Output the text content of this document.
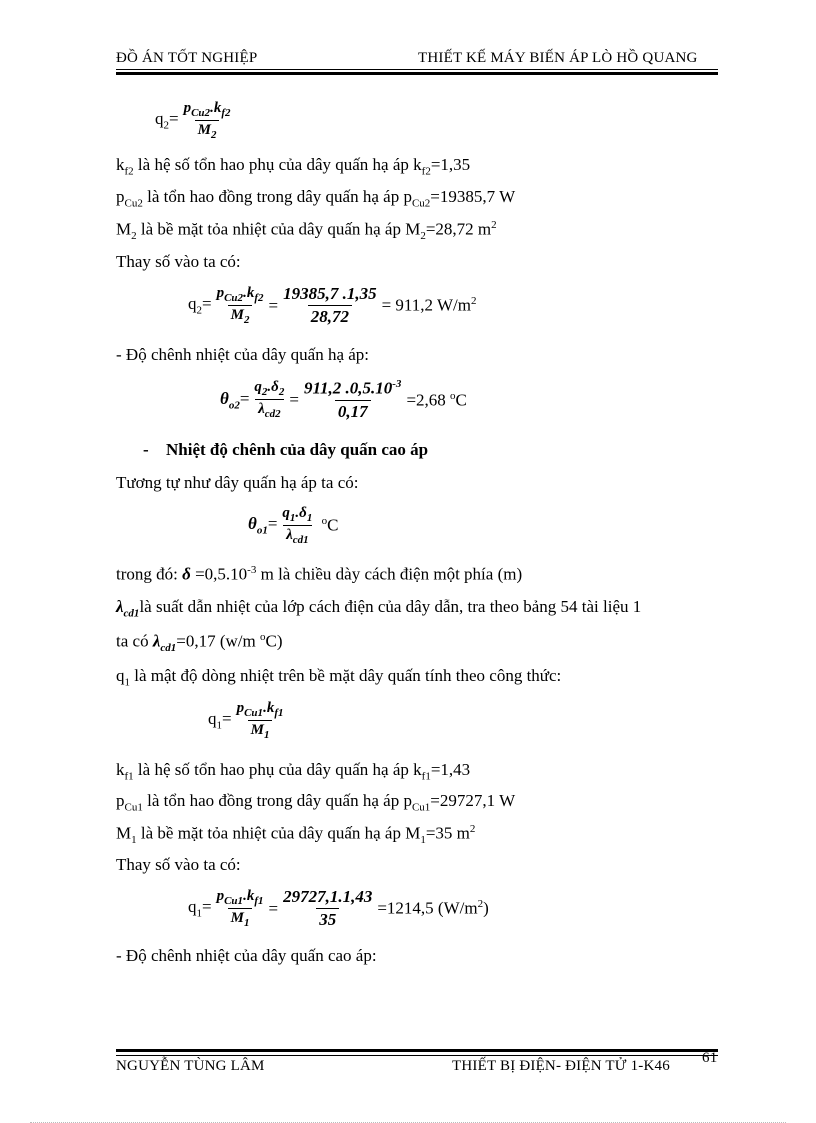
ĐỒ ÁN TỐT NGHIỆP	THIẾT KẾ MÁY BIẾN ÁP LÒ HỒ QUANG
$q_2= \frac{p_{Cu2}.k_{f2}}{M_2}$
$k_{f2}$ là hệ số tổn hao phụ của dây quấn hạ áp $k_{f2}=1,35$
$p_{Cu2}$ là tổn hao đồng trong dây quấn hạ áp $p_{Cu2}=19385,7$ W
$M_2$ là bề mặt tỏa nhiệt của dây quấn hạ áp $M_2=28,72$ $m^2$
Thay số vào ta có:
$q_2= \frac{p_{Cu2}.k_{f2}}{M_2} = \frac{19385,7 .1,35}{28,72} = 911,2$ $W/m^2$
- Độ chênh nhiệt của dây quấn hạ áp:
$\theta_{o2}= \frac{q_2.\delta_2}{\lambda_{cd2}} = \frac{911,2 .0,5.10^{-3}}{0,17} =2,68$ $^o$C
- Nhiệt độ chênh của dây quấn cao áp
Tương tự như dây quấn hạ áp ta có:
$\theta_{o1}= \frac{q_1.\delta_1}{\lambda_{cd1}} ^oC$
trong đó: $\delta =0,5.10^{-3}$ m là chiều dày cách điện một phía (m)
$\lambda_{cd1}là$ suất dẫn nhiệt của lớp cách điện của dây dẫn, tra theo bảng 54 tài liệu 1
ta có $\lambda_{cd1}=0,17$ (w/m $^o$C)
$q_1$ là mật độ dòng nhiệt trên bề mặt dây quấn tính theo công thức:
$q_1= \frac{p_{Cu1}.k_{f1}}{M_1}$
$k_{f1}$ là hệ số tổn hao phụ của dây quấn hạ áp $k_{f1}=1,43$
$p_{Cu1}$ là tổn hao đồng trong dây quấn hạ áp $p_{Cu1}=29727,1$ W
$M_1$ là bề mặt tỏa nhiệt của dây quấn hạ áp $M_1=35$ $m^2$
Thay số vào ta có:
$q_1= \frac{p_{Cu1}.k_{f1}}{M_1} = \frac{29727,1.1,43}{35} =1214,5$ $(W/m^2)$
- Độ chênh nhiệt của dây quấn cao áp:
NGUYỄN TÙNG LÂM	THIẾT BỊ ĐIỆN- ĐIỆN TỬ 1-K46 61
